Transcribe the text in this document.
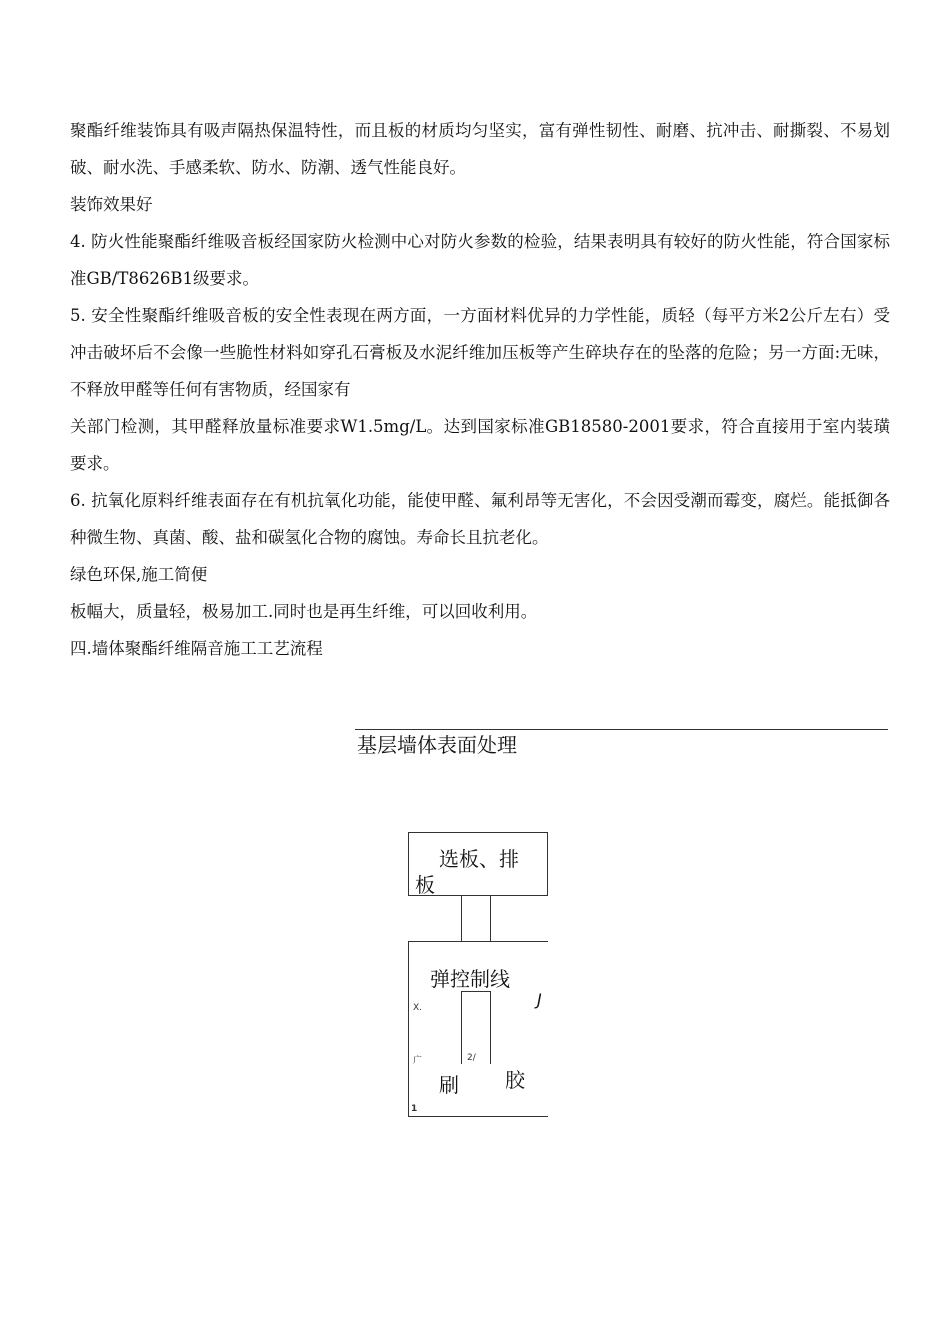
聚酯纤维装饰具有吸声隔热保温特性，而且板的材质均匀坚实，富有弹性韧性、耐磨、抗冲击、耐撕裂、不易划破、耐水洗、手感柔软、防水、防潮、透气性能良好。

装饰效果好

4. 防火性能聚酯纤维吸音板经国家防火检测中心对防火参数的检验，结果表明具有较好的防火性能，符合国家标准GB/T8626B1级要求。

5. 安全性聚酯纤维吸音板的安全性表现在两方面，一方面材料优异的力学性能，质轻（每平方米2公斤左右）受冲击破坏后不会像一些脆性材料如穿孔石膏板及水泥纤维加压板等产生碎块存在的坠落的危险；另一方面:无味，不释放甲醛等任何有害物质，经国家有

关部门检测，其甲醛释放量标准要求W1.5mg/L。达到国家标准GB18580-2001要求，符合直接用于室内装璜要求。

6. 抗氧化原料纤维表面存在有机抗氧化功能，能使甲醛、氟利昂等无害化，不会因受潮而霉变，腐烂。能抵御各种微生物、真菌、酸、盐和碳氢化合物的腐蚀。寿命长且抗老化。

绿色环保,施工简便

板幅大，质量轻，极易加工.同时也是再生纤维，可以回收利用。

四.墙体聚酯纤维隔音施工工艺流程

基层墙体表面处理
选板、排
板
弹控制线
J
X.
广	2/
刷 胶
1
